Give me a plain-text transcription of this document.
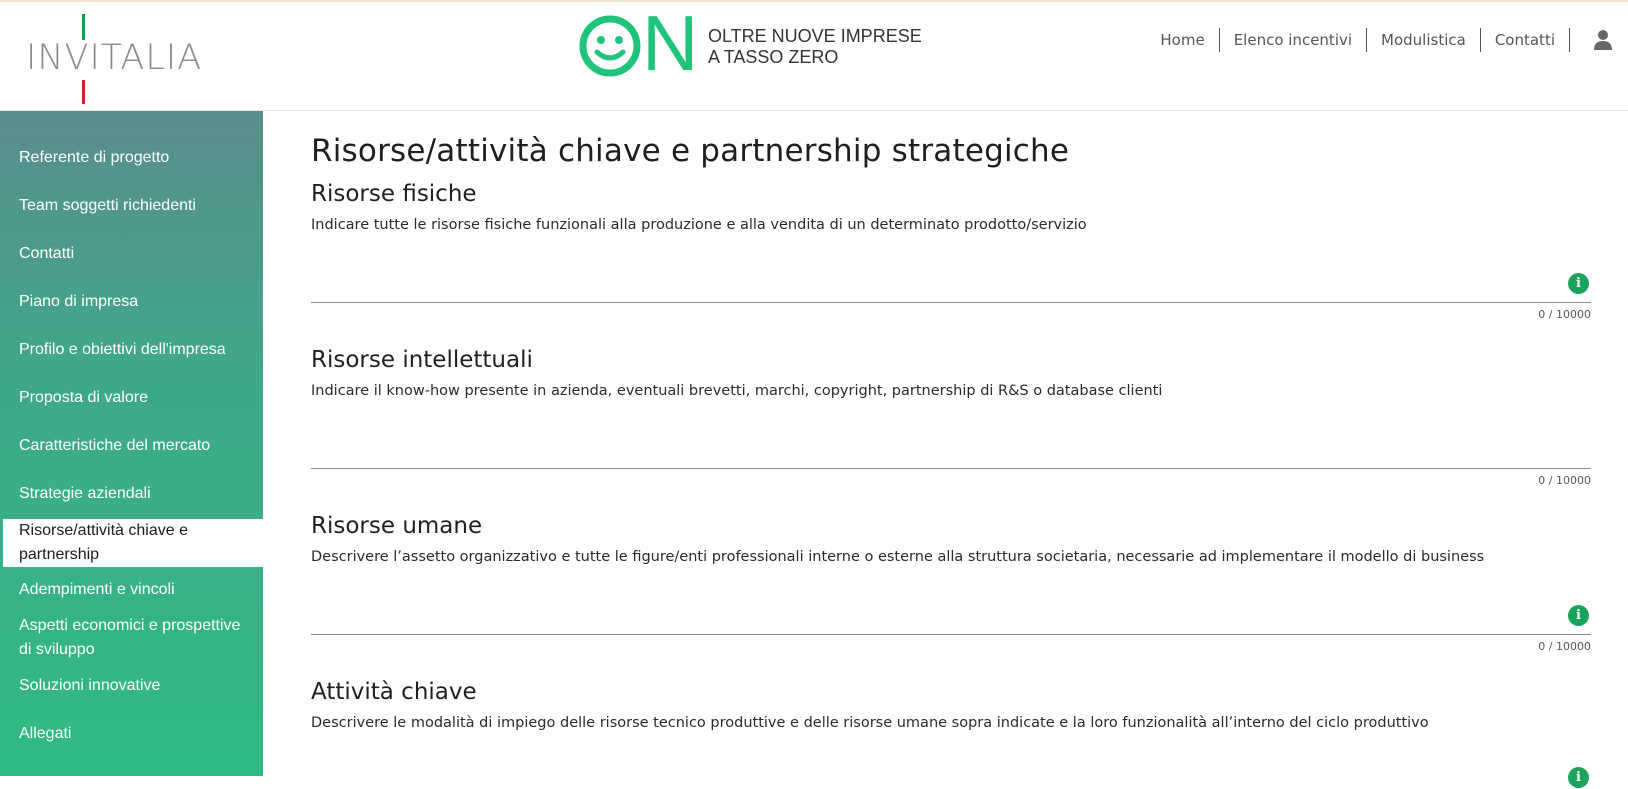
INVITALIA	N OLTRE NUOVE IMPRESE
A TASSO ZERO
Home	Elenco incentivi	Modulistica	Contatti
Referente di progetto
Team soggetti richiedenti
Contatti
Piano di impresa
Profilo e obiettivi dell'impresa
Proposta di valore
Caratteristiche del mercato
Strategie aziendali
Risorse/attività chiave e partnership
Adempimenti e vincoli
Aspetti economici e prospettive di sviluppo
Soluzioni innovative
Allegati
Risorse/attività chiave e partnership strategiche
Risorse fisiche
Indicare tutte le risorse fisiche funzionali alla produzione e alla vendita di un determinato prodotto/servizio
i
0 / 10000
Risorse intellettuali
Indicare il know-how presente in azienda, eventuali brevetti, marchi, copyright, partnership di R&S o database clienti
0 / 10000
Risorse umane
Descrivere l’assetto organizzativo e tutte le figure/enti professionali interne o esterne alla struttura societaria, necessarie ad implementare il modello di business
i
0 / 10000
Attività chiave
Descrivere le modalità di impiego delle risorse tecnico produttive e delle risorse umane sopra indicate e la loro funzionalità all’interno del ciclo produttivo
i
